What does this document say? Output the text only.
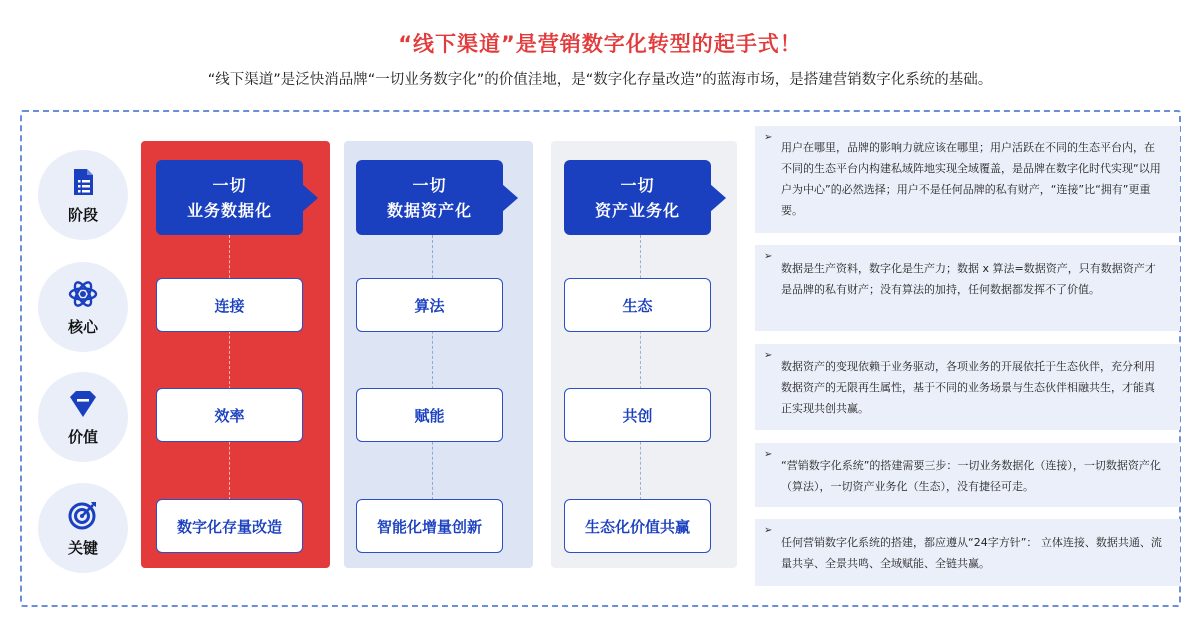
“线下渠道”是营销数字化转型的起手式！
“线下渠道”是泛快消品牌“一切业务数字化”的价值洼地，是“数字化存量改造”的蓝海市场，是搭建营销数字化系统的基础。
阶段
核心
价值
关键
一切
业务数据化
连接
效率
数字化存量改造
一切
数据资产化
算法
赋能
智能化增量创新
一切
资产业务化
生态
共创
生态化价值共赢
➢
用户在哪里，品牌的影响力就应该在哪里；用户活跃在不同的生态平台内，在不同的生态平台内构建私域阵地实现全域覆盖，是品牌在数字化时代实现“以用户为中心”的必然选择；用户不是任何品牌的私有财产，“连接”比“拥有”更重要。
➢
数据是生产资料，数字化是生产力；数据 x 算法=数据资产，只有数据资产才是品牌的私有财产；没有算法的加持，任何数据都发挥不了价值。
➢
数据资产的变现依赖于业务驱动，各项业务的开展依托于生态伙伴，充分利用数据资产的无限再生属性，基于不同的业务场景与生态伙伴相融共生，才能真正实现共创共赢。
➢
“营销数字化系统”的搭建需要三步：一切业务数据化（连接），一切数据资产化（算法），一切资产业务化（生态），没有捷径可走。
➢
任何营销数字化系统的搭建，都应遵从“24字方针”： 立体连接、数据共通、流量共享、全景共鸣、全域赋能、全链共赢。
